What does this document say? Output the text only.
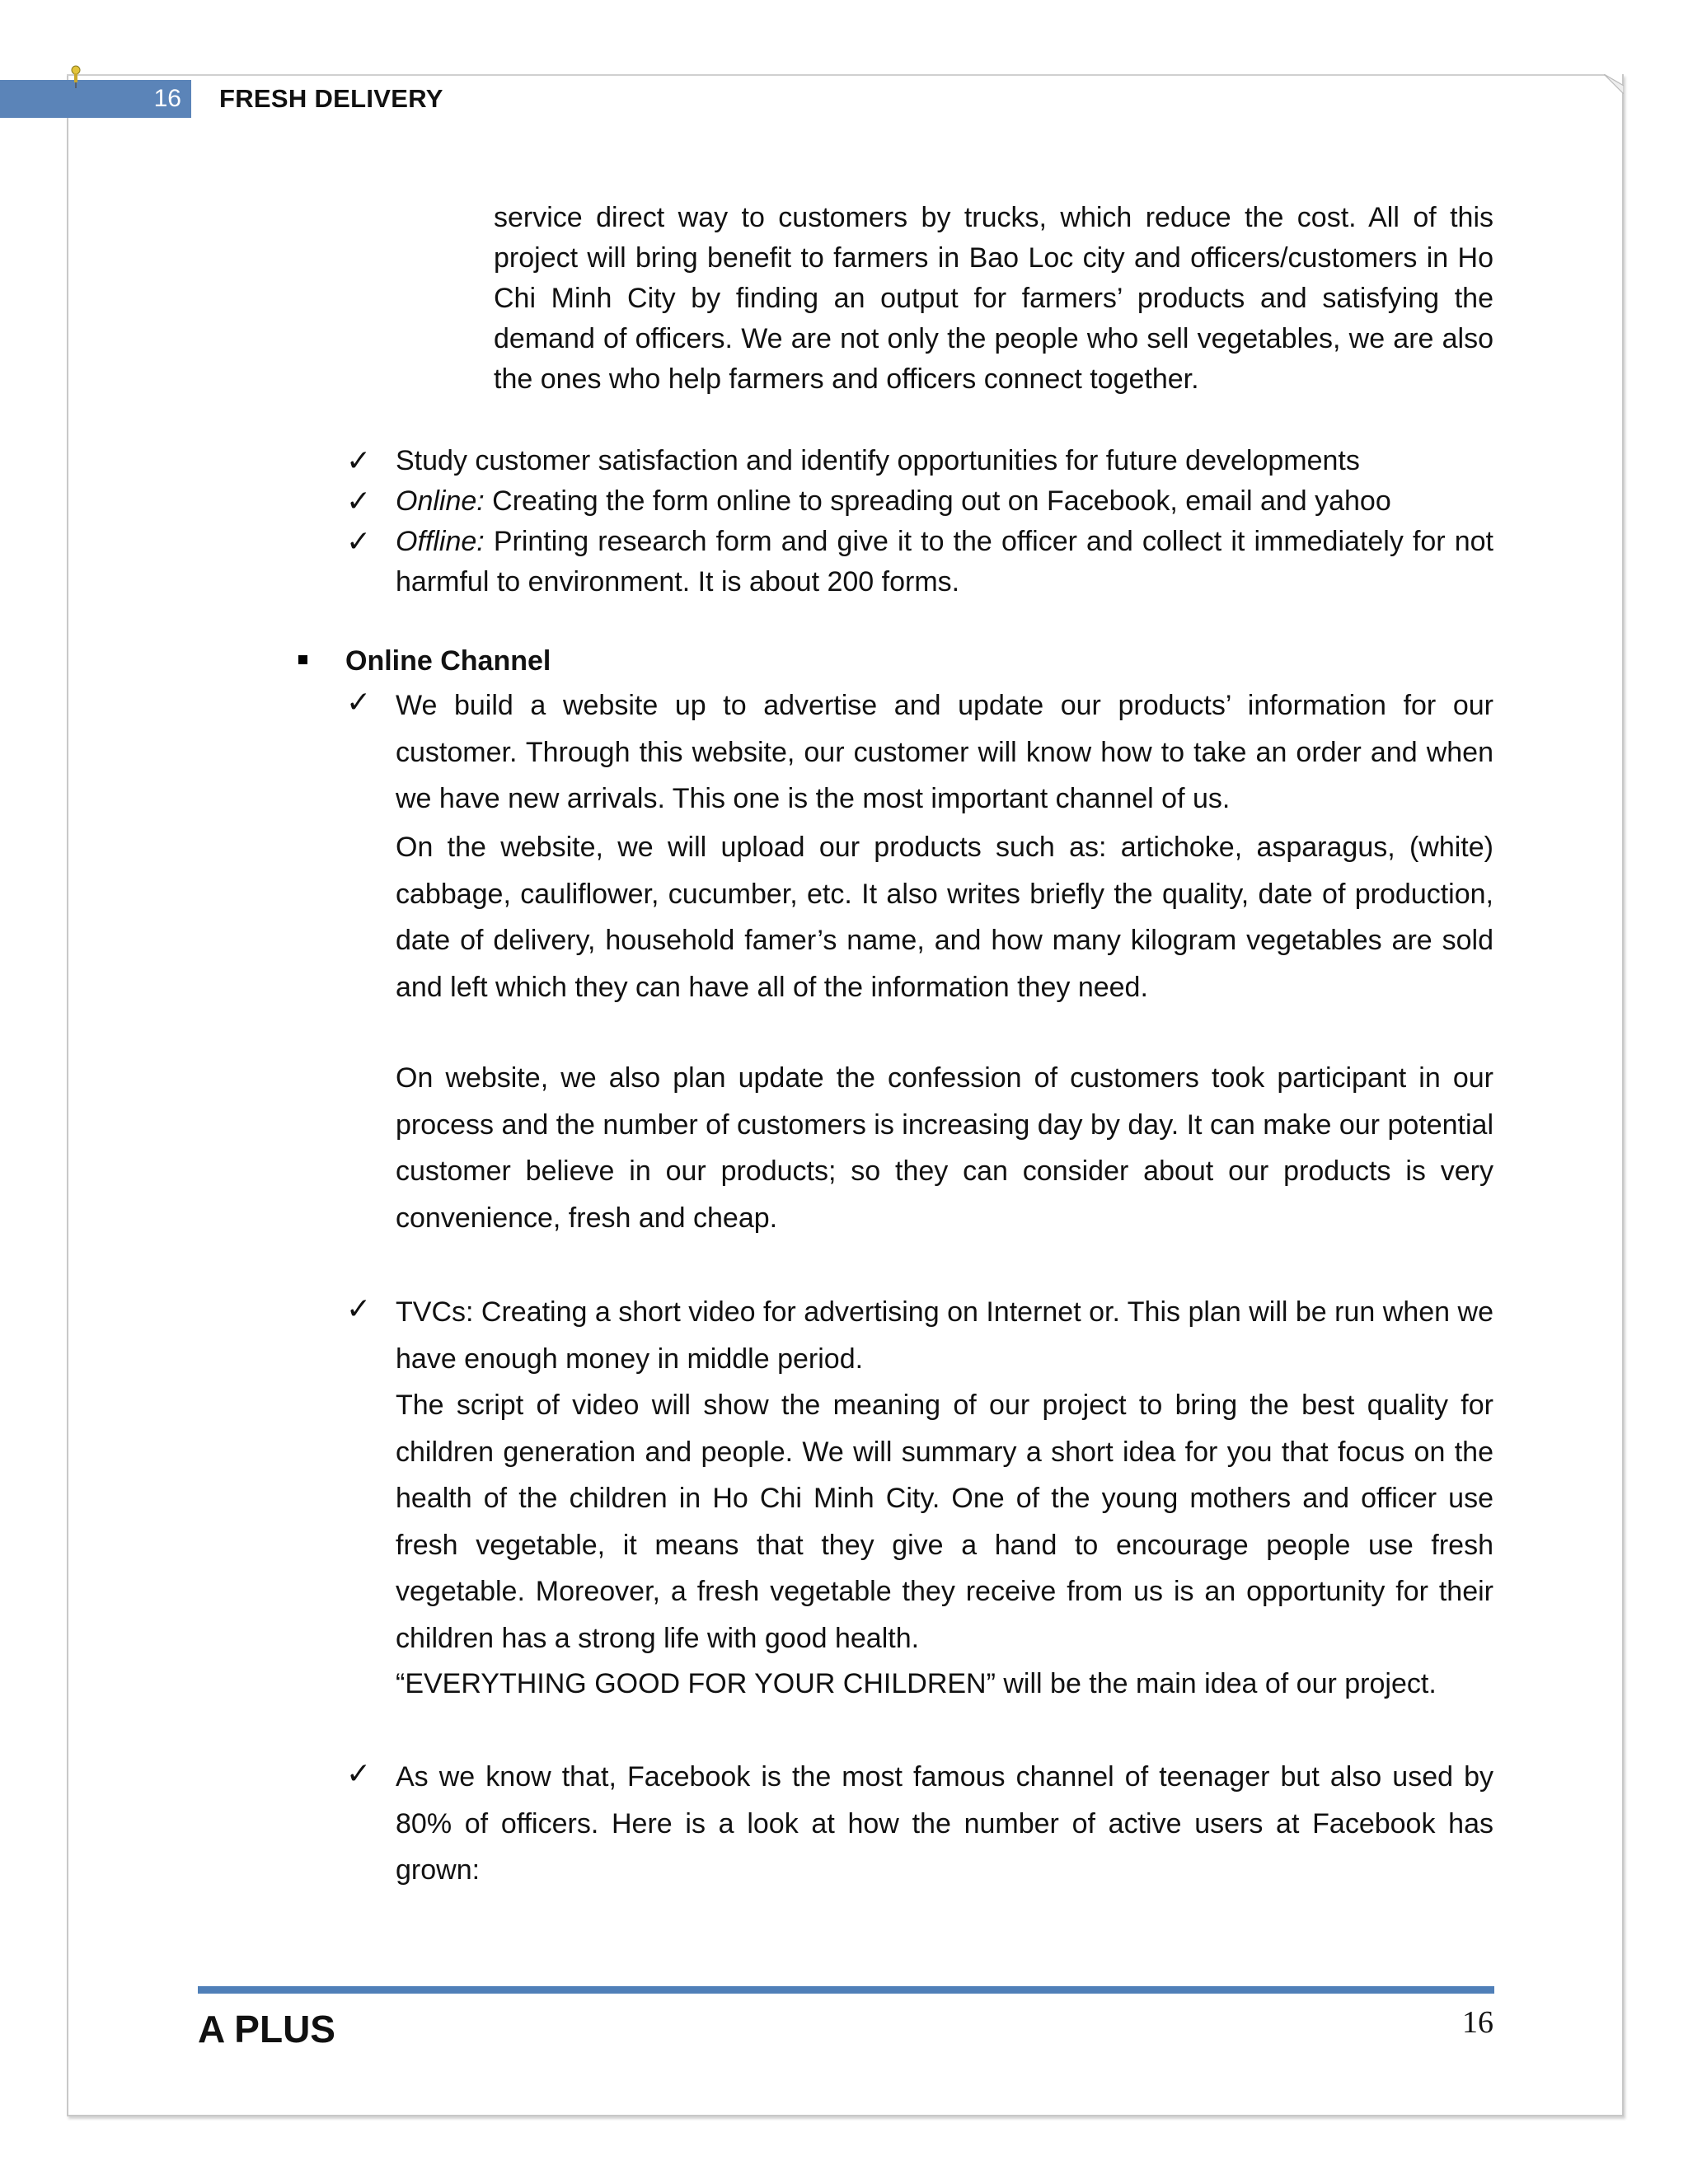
16 FRESH DELIVERY

service direct way to customers by trucks, which reduce the cost. All of this project will bring benefit to farmers in Bao Loc city and officers/customers in Ho Chi Minh City by finding an output for farmers’ products and satisfying the demand of officers. We are not only the people who sell vegetables, we are also the ones who help farmers and officers connect together.

✓ Study customer satisfaction and identify opportunities for future developments

✓ Online: Creating the form online to spreading out on Facebook, email and yahoo

✓ Offline: Printing research form and give it to the officer and collect it immediately for not harmful to environment. It is about 200 forms.

Online Channel
✓ We build a website up to advertise and update our products’ information for our customer. Through this website, our customer will know how to take an order and when we have new arrivals. This one is the most important channel of us.

On the website, we will upload our products such as: artichoke, asparagus, (white) cabbage, cauliflower, cucumber, etc. It also writes briefly the quality, date of production, date of delivery, household famer’s name, and how many kilogram vegetables are sold and left which they can have all of the information they need.

On website, we also plan update the confession of customers took participant in our process and the number of customers is increasing day by day. It can make our potential customer believe in our products; so they can consider about our products is very convenience, fresh and cheap.

✓ TVCs: Creating a short video for advertising on Internet or. This plan will be run when we have enough money in middle period.

The script of video will show the meaning of our project to bring the best quality for children generation and people. We will summary a short idea for you that focus on the health of the children in Ho Chi Minh City. One of the young mothers and officer use fresh vegetable, it means that they give a hand to encourage people use fresh vegetable. Moreover, a fresh vegetable they receive from us is an opportunity for their children has a strong life with good health.

“EVERYTHING GOOD FOR YOUR CHILDREN” will be the main idea of our project.

✓ As we know that, Facebook is the most famous channel of teenager but also used by 80% of officers. Here is a look at how the number of active users at Facebook has grown:

A PLUS	16
